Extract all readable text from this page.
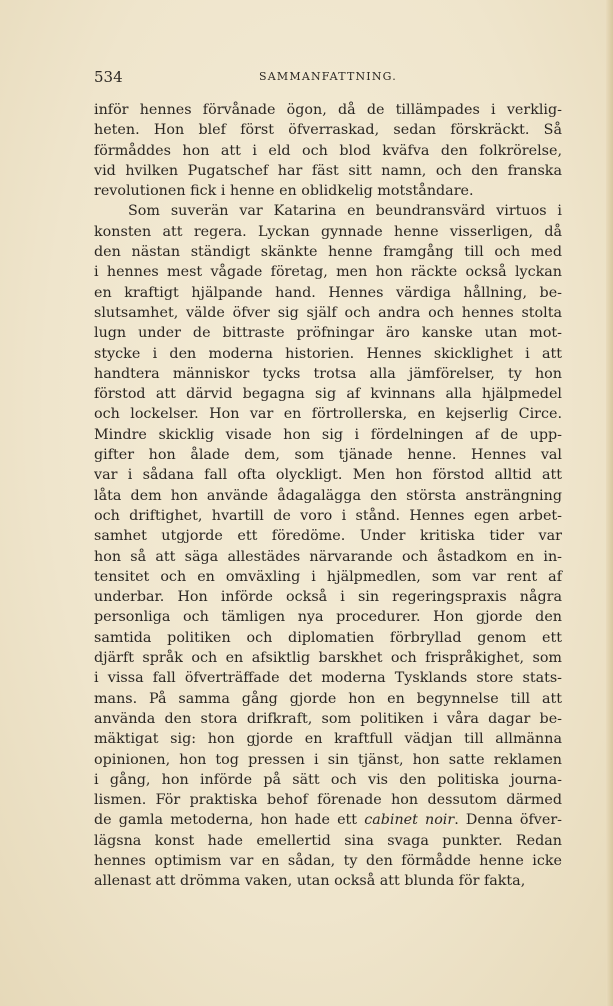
534	SAMMANFATTNING.
inför hennes förvånade ögon, då de tillämpades i verklig-
heten. Hon blef först öfverraskad, sedan förskräckt. Så
förmåddes hon att i eld och blod kväfva den folkrörelse,
vid hvilken Pugatschef har fäst sitt namn, och den franska
revolutionen fick i henne en oblidkelig motståndare.
Som suverän var Katarina en beundransvärd virtuos i
konsten att regera. Lyckan gynnade henne visserligen, då
den nästan ständigt skänkte henne framgång till och med
i hennes mest vågade företag, men hon räckte också lyckan
en kraftigt hjälpande hand. Hennes värdiga hållning, be-
slutsamhet, välde öfver sig själf och andra och hennes stolta
lugn under de bittraste pröfningar äro kanske utan mot-
stycke i den moderna historien. Hennes skicklighet i att
handtera människor tycks trotsa alla jämförelser, ty hon
förstod att därvid begagna sig af kvinnans alla hjälpmedel
och lockelser. Hon var en förtrollerska, en kejserlig Circe.
Mindre skicklig visade hon sig i fördelningen af de upp-
gifter hon ålade dem, som tjänade henne. Hennes val
var i sådana fall ofta olyckligt. Men hon förstod alltid att
låta dem hon använde ådagalägga den största ansträngning
och driftighet, hvartill de voro i stånd. Hennes egen arbet-
samhet utgjorde ett föredöme. Under kritiska tider var
hon så att säga allestädes närvarande och åstadkom en in-
tensitet och en omväxling i hjälpmedlen, som var rent af
underbar. Hon införde också i sin regeringspraxis några
personliga och tämligen nya procedurer. Hon gjorde den
samtida politiken och diplomatien förbryllad genom ett
djärft språk och en afsiktlig barskhet och frispråkighet, som
i vissa fall öfverträffade det moderna Tysklands store stats-
mans. På samma gång gjorde hon en begynnelse till att
använda den stora drifkraft, som politiken i våra dagar be-
mäktigat sig: hon gjorde en kraftfull vädjan till allmänna
opinionen, hon tog pressen i sin tjänst, hon satte reklamen
i gång, hon införde på sätt och vis den politiska journa-
lismen. För praktiska behof förenade hon dessutom därmed
de gamla metoderna, hon hade ett cabinet noir. Denna öfver-
lägsna konst hade emellertid sina svaga punkter. Redan
hennes optimism var en sådan, ty den förmådde henne icke
allenast att drömma vaken, utan också att blunda för fakta,
